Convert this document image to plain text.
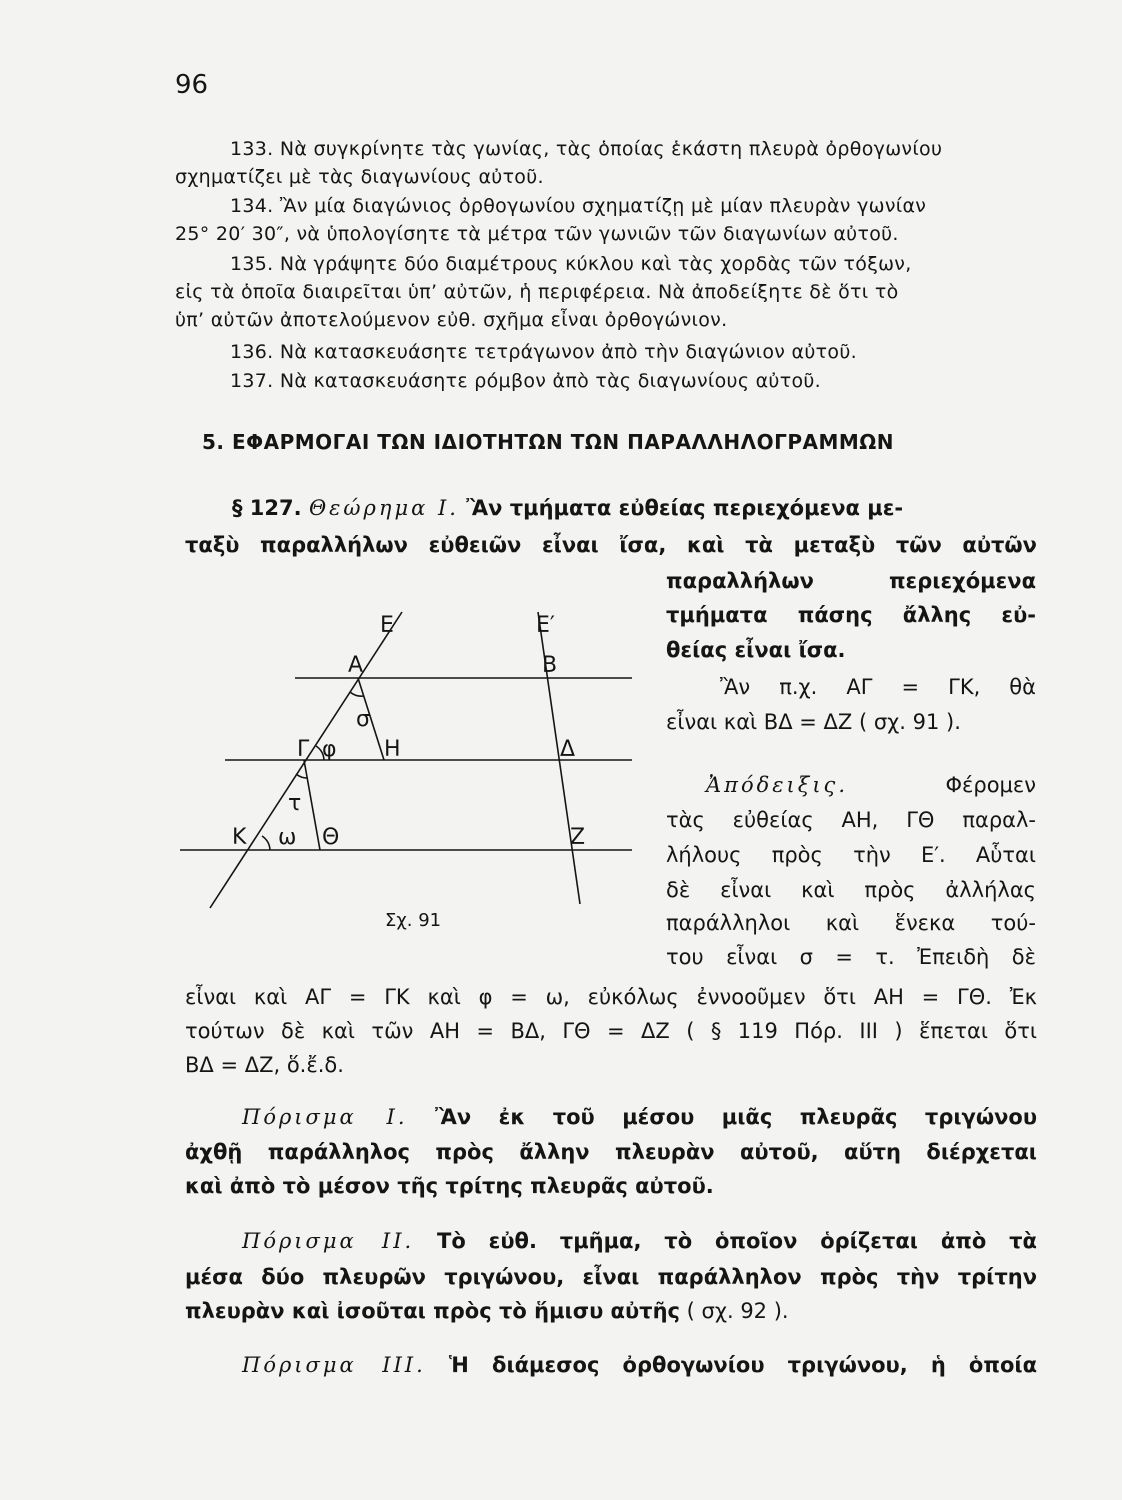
96
133. Νὰ συγκρίνητε τὰς γωνίας, τὰς ὁποίας ἑκάστη πλευρὰ ὀρθογωνίου
σχηματίζει μὲ τὰς διαγωνίους αὐτοῦ.
134. Ἂν μία διαγώνιος ὀρθογωνίου σχηματίζῃ μὲ μίαν πλευρὰν γωνίαν
25° 20′ 30″, νὰ ὑπολογίσητε τὰ μέτρα τῶν γωνιῶν τῶν διαγωνίων αὐτοῦ.
135. Νὰ γράψητε δύο διαμέτρους κύκλου καὶ τὰς χορδὰς τῶν τόξων,
εἰς τὰ ὁποῖα διαιρεῖται ὑπ’ αὐτῶν, ἡ περιφέρεια. Νὰ ἀποδείξητε δὲ ὅτι τὸ
ὑπ’ αὐτῶν ἀποτελούμενον εὐθ. σχῆμα εἶναι ὀρθογώνιον.
136. Νὰ κατασκευάσητε τετράγωνον ἀπὸ τὴν διαγώνιον αὐτοῦ.
137. Νὰ κατασκευάσητε ρόμβον ἀπὸ τὰς διαγωνίους αὐτοῦ.
5. ΕΦΑΡΜΟΓΑΙ ΤΩΝ ΙΔΙΟΤΗΤΩΝ ΤΩΝ ΠΑΡΑΛΛΗΛΟΓΡΑΜΜΩΝ
§ 127. Θεώρημα Ι. Ἂν τμήματα εὐθείας περιεχόμενα με-
ταξὺ παραλλήλων εὐθειῶν εἶναι ἴσα, καὶ τὰ μεταξὺ τῶν αὐτῶν
παραλλήλων περιεχόμενα
τμήματα πάσης ἄλλης εὐ-
θείας εἶναι ἴσα.
Ἂν π.χ. ΑΓ = ΓΚ, θὰ
εἶναι καὶ ΒΔ = ΔΖ ( σχ. 91 ).
Ἀπόδειξις.	Φέρομεν
τὰς εὐθείας ΑΗ, ΓΘ παραλ-
λήλους πρὸς τὴν Ε′. Αὗται
δὲ εἶναι καὶ πρὸς ἀλλήλας
παράλληλοι καὶ ἕνεκα τού-
του εἶναι σ = τ. Ἐπειδὴ δὲ
εἶναι καὶ ΑΓ = ΓΚ καὶ φ = ω, εὐκόλως ἐννοοῦμεν ὅτι ΑΗ = ΓΘ. Ἐκ
τούτων δὲ καὶ τῶν ΑΗ = ΒΔ, ΓΘ = ΔΖ ( § 119 Πόρ. ΙΙΙ ) ἕπεται ὅτι
ΒΔ = ΔΖ, ὅ.ἔ.δ.
Πόρισμα Ι. Ἂν ἐκ τοῦ μέσου μιᾶς πλευρᾶς τριγώνου
ἀχθῇ παράλληλος πρὸς ἄλλην πλευρὰν αὐτοῦ, αὕτη διέρχεται
καὶ ἀπὸ τὸ μέσον τῆς τρίτης πλευρᾶς αὐτοῦ.
Πόρισμα ΙΙ. Τὸ εὐθ. τμῆμα, τὸ ὁποῖον ὁρίζεται ἀπὸ τὰ
μέσα δύο πλευρῶν τριγώνου, εἶναι παράλληλον πρὸς τὴν τρίτην
πλευρὰν καὶ ἰσοῦται πρὸς τὸ ἥμισυ αὐτῆς ( σχ. 92 ).
Πόρισμα ΙΙΙ. Ἡ διάμεσος ὀρθογωνίου τριγώνου, ἡ ὁποία
Ε	Ε′
Α	Β
σ
Γ φ Η	Δ
τ
Κ ω Θ	Ζ
Σχ. 91
